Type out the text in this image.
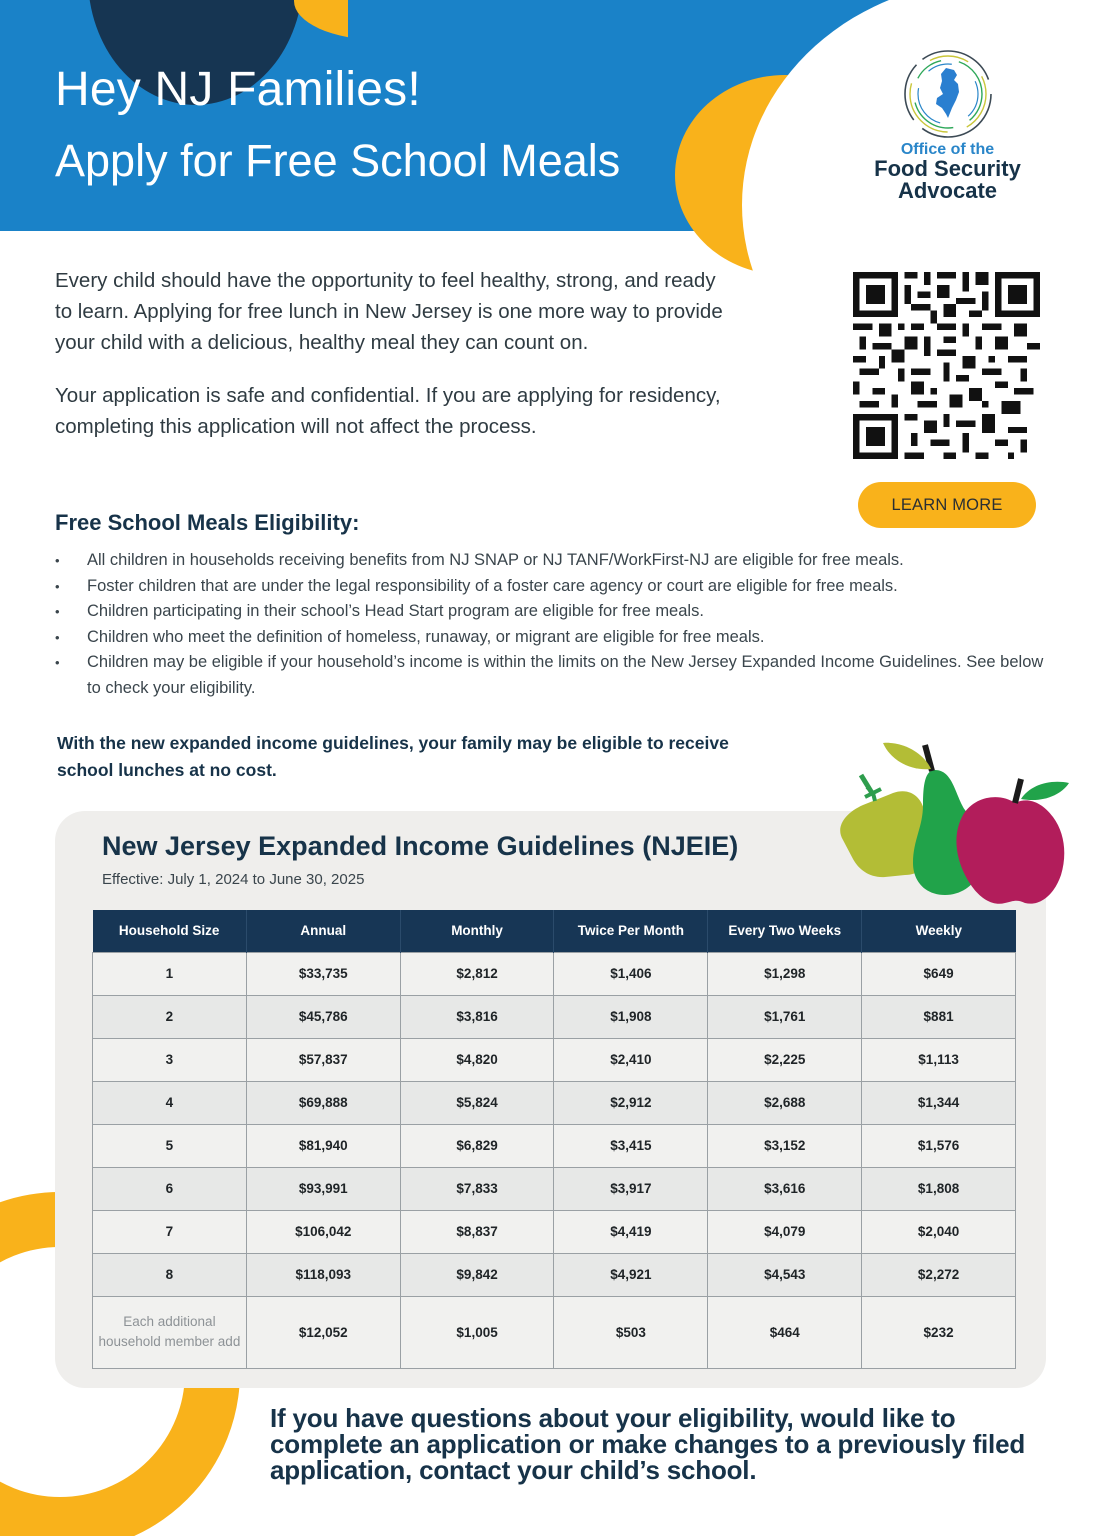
Hey NJ Families!
Apply for Free School Meals	Office of the
Food Security
Advocate

Every child should have the opportunity to feel healthy, strong, and ready to learn. Applying for free lunch in New Jersey is one more way to provide your child with a delicious, healthy meal they can count on.

Your application is safe and confidential. If you are applying for residency, completing this application will not affect the process.

LEARN MORE
Free School Meals Eligibility:
• All children in households receiving benefits from NJ SNAP or NJ TANF/WorkFirst-NJ are eligible for free meals.
• Foster children that are under the legal responsibility of a foster care agency or court are eligible for free meals.
• Children participating in their school’s Head Start program are eligible for free meals.
• Children who meet the definition of homeless, runaway, or migrant are eligible for free meals.
• Children may be eligible if your household’s income is within the limits on the New Jersey Expanded Income Guidelines. See below to check your eligibility.
With the new expanded income guidelines, your family may be eligible to receive school lunches at no cost.
New Jersey Expanded Income Guidelines (NJEIE)
Effective: July 1, 2024 to June 30, 2025
Household Size	Annual	Monthly	Twice Per Month	Every Two Weeks	Weekly
1	$33,735	$2,812	$1,406	$1,298	$649
2	$45,786	$3,816	$1,908	$1,761	$881
3	$57,837	$4,820	$2,410	$2,225	$1,113
4	$69,888	$5,824	$2,912	$2,688	$1,344
5	$81,940	$6,829	$3,415	$3,152	$1,576
6	$93,991	$7,833	$3,917	$3,616	$1,808
7	$106,042	$8,837	$4,419	$4,079	$2,040
8	$118,093	$9,842	$4,921	$4,543	$2,272
Each additional household member add	$12,052	$1,005	$503	$464	$232
If you have questions about your eligibility, would like to complete an application or make changes to a previously filed application, contact your child’s school.
